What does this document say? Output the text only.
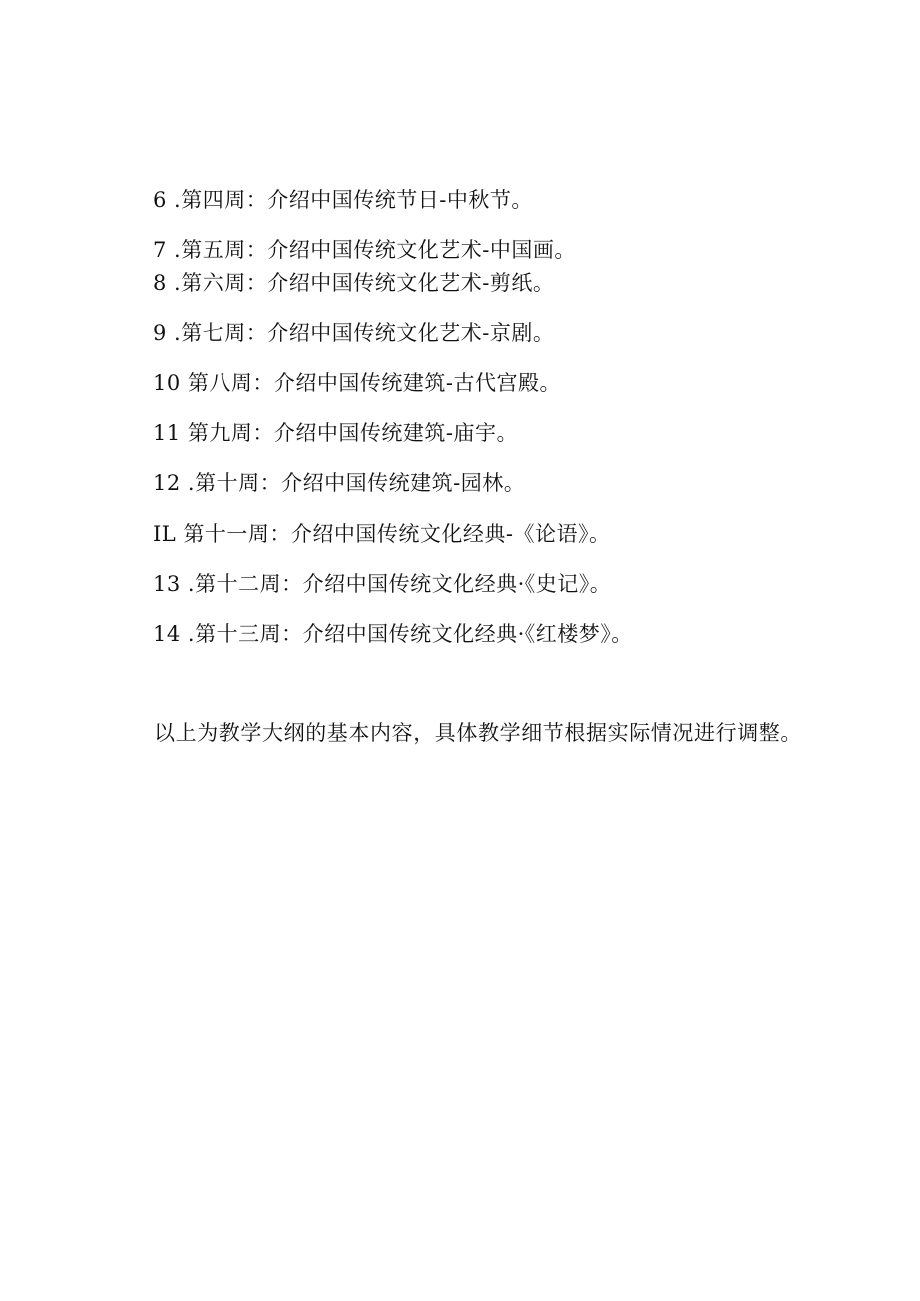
6 .第四周：介绍中国传统节日-中秋节。
7 .第五周：介绍中国传统文化艺术-中国画。
8 .第六周：介绍中国传统文化艺术-剪纸。
9 .第七周：介绍中国传统文化艺术-京剧。
10 第八周：介绍中国传统建筑-古代宫殿。
11 第九周：介绍中国传统建筑-庙宇。
12 .第十周：介绍中国传统建筑-园林。
IL 第十一周：介绍中国传统文化经典-《论语》。
13 .第十二周：介绍中国传统文化经典·《史记》。
14 .第十三周：介绍中国传统文化经典·《红楼梦》。

以上为教学大纲的基本内容，具体教学细节根据实际情况进行调整。
